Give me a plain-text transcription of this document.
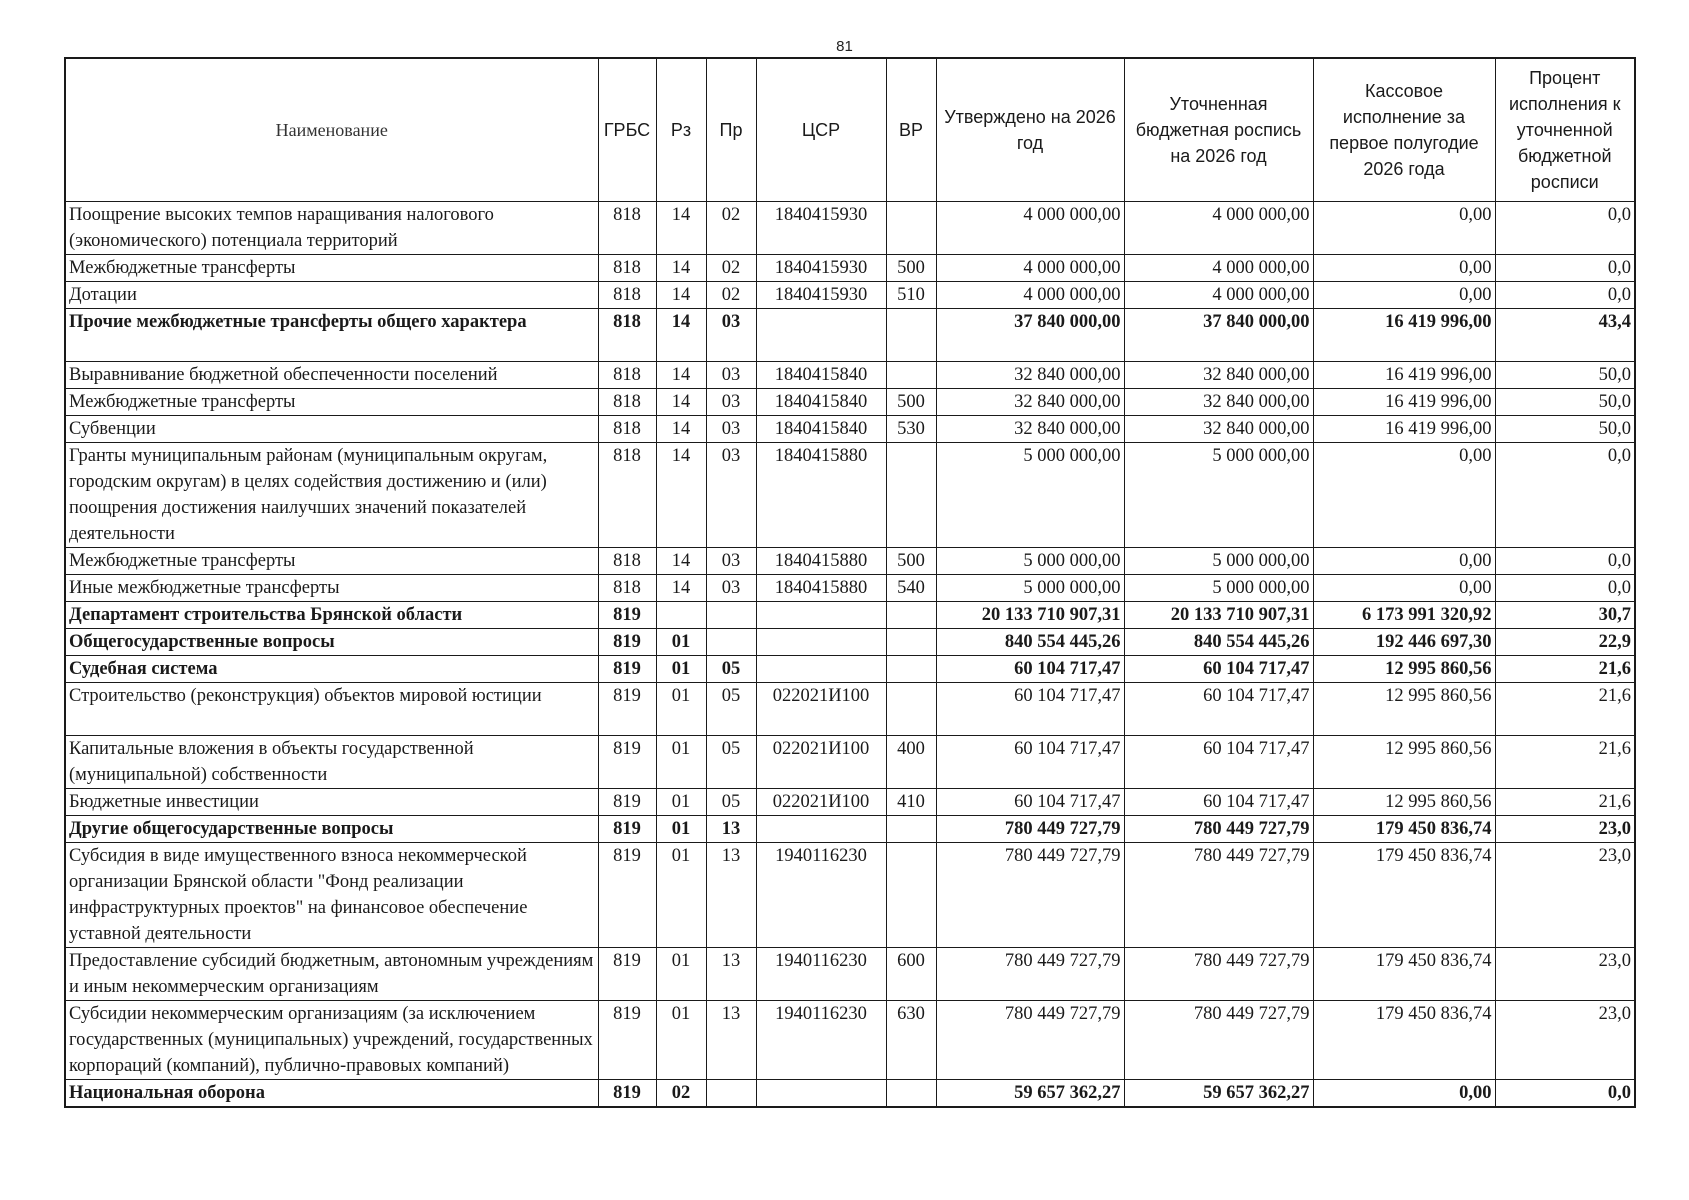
81
Наименование	ГРБС	Рз	Пр	ЦСР	ВР	Утверждено на 2026 год	Уточненная бюджетная роспись на 2026 год	Кассовое исполнение за первое полугодие 2026 года	Процент исполнения к уточненной бюджетной росписи
Поощрение высоких темпов наращивания налогового (экономического) потенциала территорий	818	14	02	1840415930		4 000 000,00	4 000 000,00	0,00	0,0
Межбюджетные трансферты	818	14	02	1840415930	500	4 000 000,00	4 000 000,00	0,00	0,0
Дотации	818	14	02	1840415930	510	4 000 000,00	4 000 000,00	0,00	0,0
Прочие межбюджетные трансферты общего характера	818	14	03			37 840 000,00	37 840 000,00	16 419 996,00	43,4
Выравнивание бюджетной обеспеченности поселений	818	14	03	1840415840		32 840 000,00	32 840 000,00	16 419 996,00	50,0
Межбюджетные трансферты	818	14	03	1840415840	500	32 840 000,00	32 840 000,00	16 419 996,00	50,0
Субвенции	818	14	03	1840415840	530	32 840 000,00	32 840 000,00	16 419 996,00	50,0
Гранты муниципальным районам (муниципальным округам, городским округам) в целях содействия достижению и (или) поощрения достижения наилучших значений показателей деятельности	818	14	03	1840415880		5 000 000,00	5 000 000,00	0,00	0,0
Межбюджетные трансферты	818	14	03	1840415880	500	5 000 000,00	5 000 000,00	0,00	0,0
Иные межбюджетные трансферты	818	14	03	1840415880	540	5 000 000,00	5 000 000,00	0,00	0,0
Департамент строительства Брянской области	819					20 133 710 907,31	20 133 710 907,31	6 173 991 320,92	30,7
Общегосударственные вопросы	819	01				840 554 445,26	840 554 445,26	192 446 697,30	22,9
Судебная система	819	01	05			60 104 717,47	60 104 717,47	12 995 860,56	21,6
Строительство (реконструкция) объектов мировой юстиции	819	01	05	022021И100		60 104 717,47	60 104 717,47	12 995 860,56	21,6
Капитальные вложения в объекты государственной (муниципальной) собственности	819	01	05	022021И100	400	60 104 717,47	60 104 717,47	12 995 860,56	21,6
Бюджетные инвестиции	819	01	05	022021И100	410	60 104 717,47	60 104 717,47	12 995 860,56	21,6
Другие общегосударственные вопросы	819	01	13			780 449 727,79	780 449 727,79	179 450 836,74	23,0
Субсидия в виде имущественного взноса некоммерческой организации Брянской области "Фонд реализации инфраструктурных проектов" на финансовое обеспечение уставной деятельности	819	01	13	1940116230		780 449 727,79	780 449 727,79	179 450 836,74	23,0
Предоставление субсидий бюджетным, автономным учреждениям и иным некоммерческим организациям	819	01	13	1940116230	600	780 449 727,79	780 449 727,79	179 450 836,74	23,0
Субсидии некоммерческим организациям (за исключением государственных (муниципальных) учреждений, государственных корпораций (компаний), публично-правовых компаний)	819	01	13	1940116230	630	780 449 727,79	780 449 727,79	179 450 836,74	23,0
Национальная оборона	819	02				59 657 362,27	59 657 362,27	0,00	0,0
